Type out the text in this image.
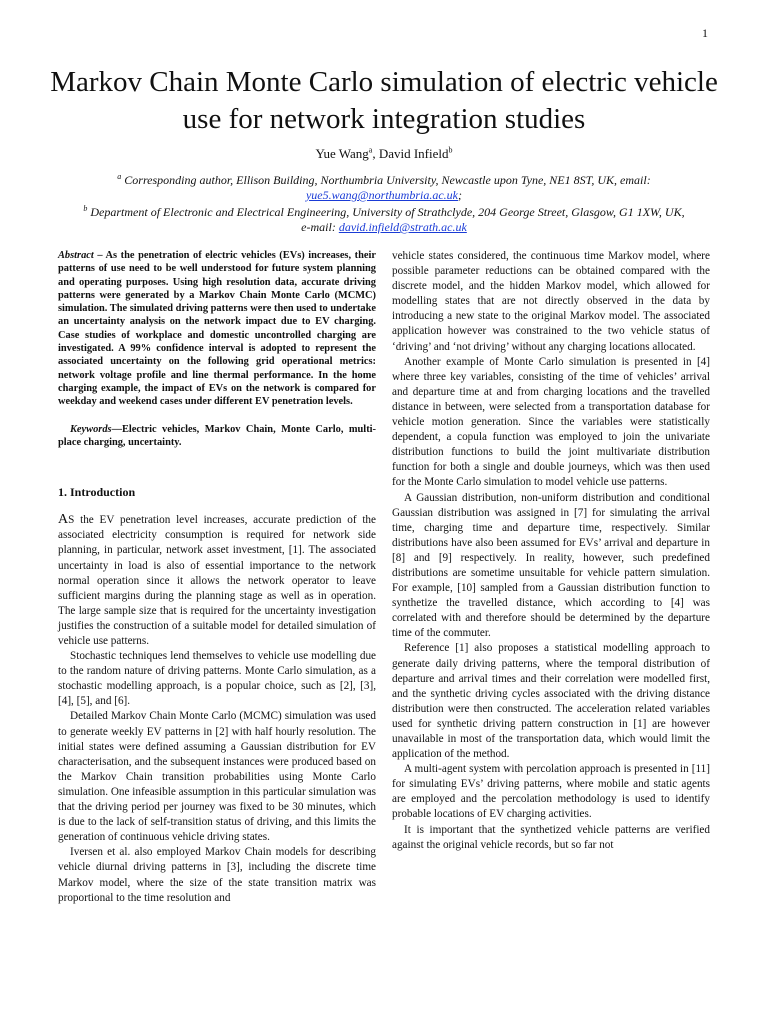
1
Markov Chain Monte Carlo simulation of electric vehicle use for network integration studies
Yue Wang$^a$, David Infield$^b$
$^a$ Corresponding author, Ellison Building, Northumbria University, Newcastle upon Tyne, NE1 8ST, UK, email:
yue5.wang@northumbria.ac.uk;
$^b$ Department of Electronic and Electrical Engineering, University of Strathclyde, 204 George Street, Glasgow, G1 1XW, UK,
e-mail: david.infield@strath.ac.uk

Abstract – As the penetration of electric vehicles (EVs) increases, their patterns of use need to be well understood for future system planning and operating purposes. Using high resolution data, accurate driving patterns were generated by a Markov Chain Monte Carlo (MCMC) simulation. The simulated driving patterns were then used to undertake an uncertainty analysis on the network impact due to EV charging. Case studies of workplace and domestic uncontrolled charging are investigated. A 99% confidence interval is adopted to represent the associated uncertainty on the following grid operational metrics: network voltage profile and line thermal performance. In the home charging example, the impact of EVs on the network is compared for weekday and weekend cases under different EV penetration levels.

Keywords—Electric vehicles, Markov Chain, Monte Carlo, multi-place charging, uncertainty.

1. Introduction

AS the EV penetration level increases, accurate prediction of the associated electricity consumption is required for network side planning, in particular, network asset investment, [1]. The associated uncertainty in load is also of essential importance to the network normal operation since it allows the network operator to leave sufficient margins during the planning stage as well as in operation. The large sample size that is required for the uncertainty investigation justifies the construction of a suitable model for detailed simulation of vehicle use patterns.

Stochastic techniques lend themselves to vehicle use modelling due to the random nature of driving patterns. Monte Carlo simulation, as a stochastic modelling approach, is a popular choice, such as [2], [3], [4], [5], and [6].

Detailed Markov Chain Monte Carlo (MCMC) simulation was used to generate weekly EV patterns in [2] with half hourly resolution. The initial states were defined assuming a Gaussian distribution for EV characterisation, and the subsequent instances were produced based on the Markov Chain transition probabilities using Monte Carlo simulation. One infeasible assumption in this particular simulation was that the driving period per journey was fixed to be 30 minutes, which is due to the lack of self-transition status of driving, and this limits the generation of continuous vehicle driving states.

Iversen et al. also employed Markov Chain models for describing vehicle diurnal driving patterns in [3], including the discrete time Markov model, where the size of the state transition matrix was proportional to the time resolution and

vehicle states considered, the continuous time Markov model, where possible parameter reductions can be obtained compared with the discrete model, and the hidden Markov model, which allowed for modelling states that are not directly observed in the data by introducing a new state to the original Markov model. The associated application however was constrained to the two vehicle status of ‘driving’ and ‘not driving’ without any charging locations allocated.

Another example of Monte Carlo simulation is presented in [4] where three key variables, consisting of the time of vehicles’ arrival and departure time at and from charging locations and the travelled distance in between, were selected from a transportation database for vehicle motion generation. Since the variables were statistically dependent, a copula function was employed to join the univariate distribution functions to build the joint multivariate distribution function for both a single and double journeys, which was then used for the Monte Carlo simulation to model vehicle use patterns.

A Gaussian distribution, non-uniform distribution and conditional Gaussian distribution was assigned in [7] for simulating the arrival time, charging time and departure time, respectively. Similar distributions have also been assumed for EVs’ arrival and departure in [8] and [9] respectively. In reality, however, such predefined distributions are sometime unsuitable for vehicle pattern simulation. For example, [10] sampled from a Gaussian distribution function to synthetize the travelled distance, which according to [4] was correlated with and therefore should be determined by the departure time of the commuter.

Reference [1] also proposes a statistical modelling approach to generate daily driving patterns, where the temporal distribution of departure and arrival times and their correlation were modelled first, and the synthetic driving cycles associated with the driving distance distribution were then constructed. The acceleration related variables used for synthetic driving pattern construction in [1] are however unavailable in most of the transportation data, which would limit the application of the method.

A multi-agent system with percolation approach is presented in [11] for simulating EVs’ driving patterns, where mobile and static agents are employed and the percolation methodology is used to identify probable locations of EV charging activities.

It is important that the synthetized vehicle patterns are verified against the original vehicle records, but so far not
